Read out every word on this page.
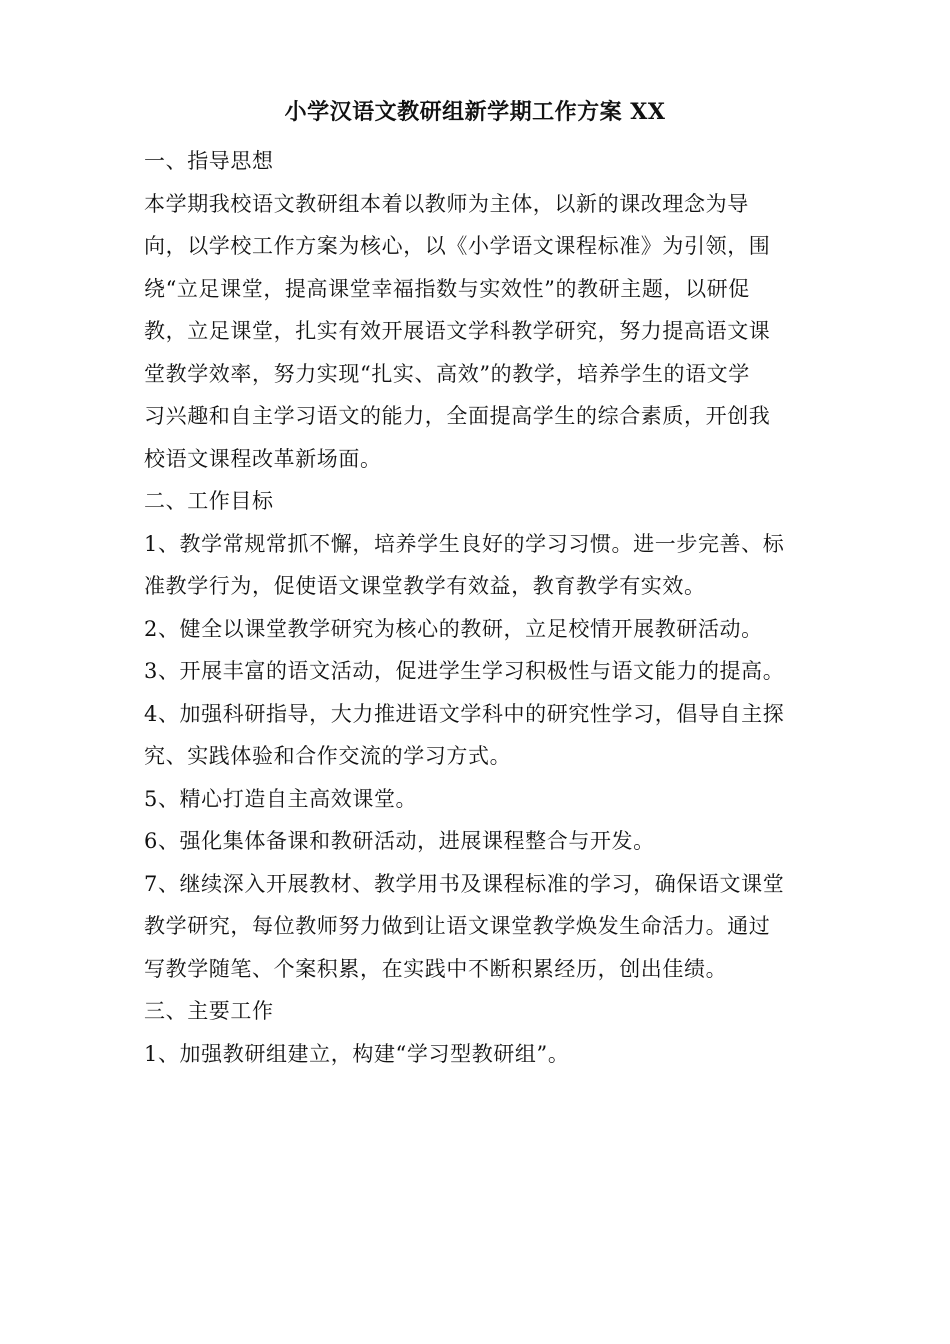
小学汉语文教研组新学期工作方案 XX
一、指导思想
本学期我校语文教研组本着以教师为主体，以新的课改理念为导
向，以学校工作方案为核心，以《小学语文课程标准》为引领，围
绕“立足课堂，提高课堂幸福指数与实效性”的教研主题，以研促
教，立足课堂，扎实有效开展语文学科教学研究，努力提高语文课
堂教学效率，努力实现“扎实、高效”的教学，培养学生的语文学
习兴趣和自主学习语文的能力，全面提高学生的综合素质，开创我
校语文课程改革新场面。
二、工作目标
1、教学常规常抓不懈，培养学生良好的学习习惯。进一步完善、标
准教学行为，促使语文课堂教学有效益，教育教学有实效。
2、健全以课堂教学研究为核心的教研，立足校情开展教研活动。
3、开展丰富的语文活动，促进学生学习积极性与语文能力的提高。
4、加强科研指导，大力推进语文学科中的研究性学习，倡导自主探
究、实践体验和合作交流的学习方式。
5、精心打造自主高效课堂。
6、强化集体备课和教研活动，进展课程整合与开发。
7、继续深入开展教材、教学用书及课程标准的学习，确保语文课堂
教学研究，每位教师努力做到让语文课堂教学焕发生命活力。通过
写教学随笔、个案积累，在实践中不断积累经历，创出佳绩。
三、主要工作
1、加强教研组建立，构建“学习型教研组”。
